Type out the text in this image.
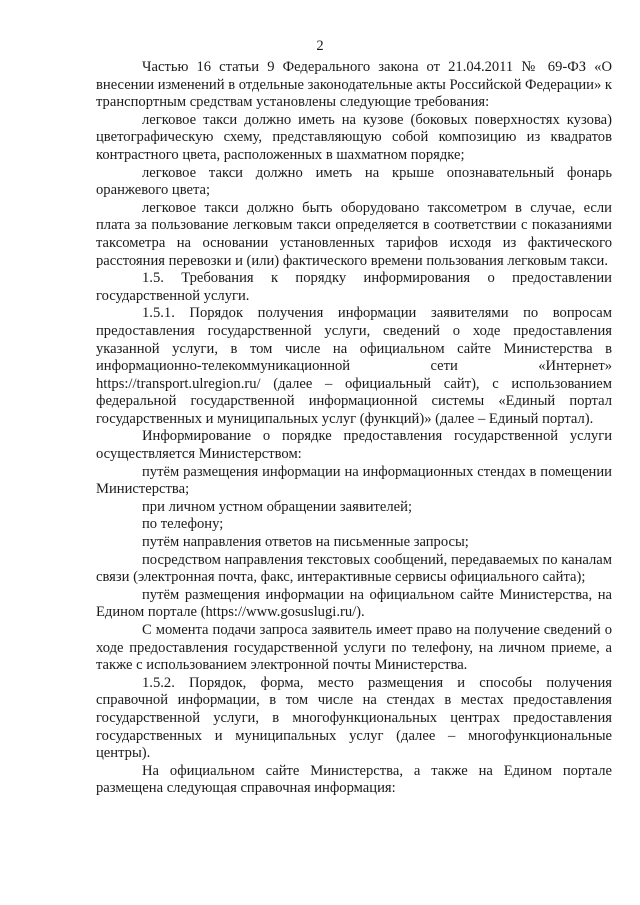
2

Частью 16 статьи 9 Федерального закона от 21.04.2011 № 69-ФЗ «О внесении изменений в отдельные законодательные акты Российской Федерации» к транспортным средствам установлены следующие требования:

легковое такси должно иметь на кузове (боковых поверхностях кузова) цветографическую схему, представляющую собой композицию из квадратов контрастного цвета, расположенных в шахматном порядке;

легковое такси должно иметь на крыше опознавательный фонарь оранжевого цвета;

легковое такси должно быть оборудовано таксометром в случае, если плата за пользование легковым такси определяется в соответствии с показаниями таксометра на основании установленных тарифов исходя из фактического расстояния перевозки и (или) фактического времени пользования легковым такси.

1.5. Требования к порядку информирования о предоставлении государственной услуги.

1.5.1. Порядок получения информации заявителями по вопросам предоставления государственной услуги, сведений о ходе предоставления указанной услуги, в том числе на официальном сайте Министерства в информационно-телекоммуникационной сети «Интернет» https://transport.ulregion.ru/ (далее – официальный сайт), с использованием федеральной государственной информационной системы «Единый портал государственных и муниципальных услуг (функций)» (далее – Единый портал).

Информирование о порядке предоставления государственной услуги осуществляется Министерством:

путём размещения информации на информационных стендах в помещении Министерства;

при личном устном обращении заявителей;

по телефону;

путём направления ответов на письменные запросы;

посредством направления текстовых сообщений, передаваемых по каналам связи (электронная почта, факс, интерактивные сервисы официального сайта);

путём размещения информации на официальном сайте Министерства, на Едином портале (https://www.gosuslugi.ru/).

С момента подачи запроса заявитель имеет право на получение сведений о ходе предоставления государственной услуги по телефону, на личном приеме, а также с использованием электронной почты Министерства.

1.5.2. Порядок, форма, место размещения и способы получения справочной информации, в том числе на стендах в местах предоставления государственной услуги, в многофункциональных центрах предоставления государственных и муниципальных услуг (далее – многофункциональные центры).

На официальном сайте Министерства, а также на Едином портале размещена следующая справочная информация:
